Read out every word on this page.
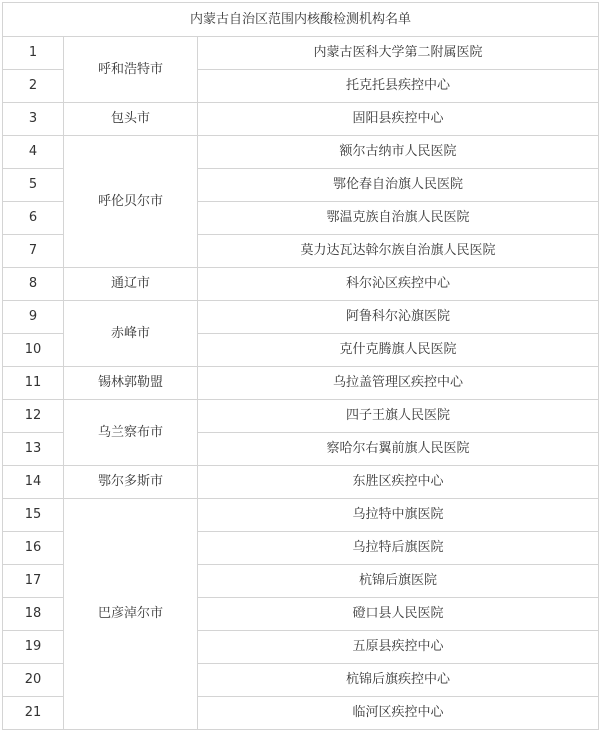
内蒙古自治区范围内核酸检测机构名单		
1	呼和浩特市	内蒙古医科大学第二附属医院
2		托克托县疾控中心
3	包头市	固阳县疾控中心
4	呼伦贝尔市	额尔古纳市人民医院
5		鄂伦春自治旗人民医院
6		鄂温克族自治旗人民医院
7		莫力达瓦达斡尔族自治旗人民医院
8	通辽市	科尔沁区疾控中心
9	赤峰市	阿鲁科尔沁旗医院
10		克什克腾旗人民医院
11	锡林郭勒盟	乌拉盖管理区疾控中心
12	乌兰察布市	四子王旗人民医院
13		察哈尔右翼前旗人民医院
14	鄂尔多斯市	东胜区疾控中心
15	巴彦淖尔市	乌拉特中旗医院
16		乌拉特后旗医院
17		杭锦后旗医院
18		磴口县人民医院
19		五原县疾控中心
20		杭锦后旗疾控中心
21		临河区疾控中心
